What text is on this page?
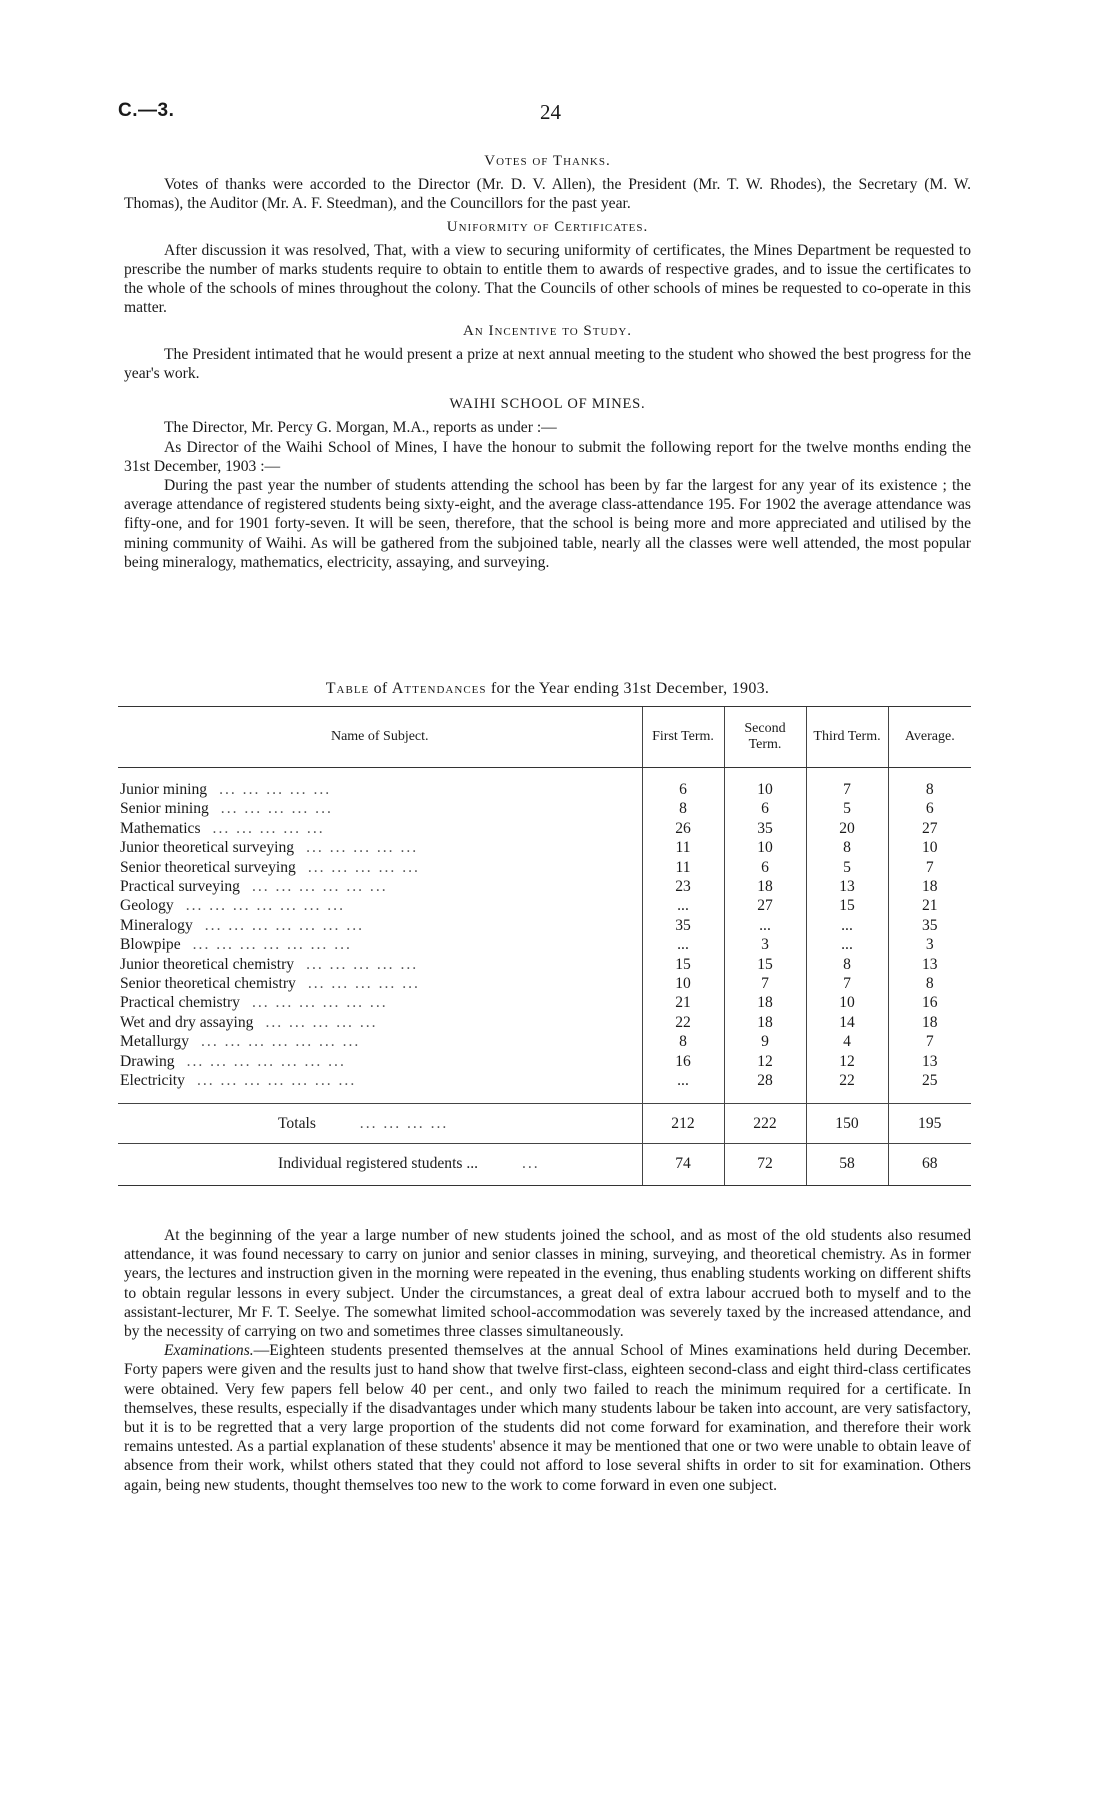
C.—3.	24
Votes of Thanks.

Votes of thanks were accorded to the Director (Mr. D. V. Allen), the President (Mr. T. W. Rhodes), the Secretary (M. W. Thomas), the Auditor (Mr. A. F. Steedman), and the Councillors for the past year.

Uniformity of Certificates.

After discussion it was resolved, That, with a view to securing uniformity of certificates, the Mines Department be requested to prescribe the number of marks students require to obtain to entitle them to awards of respective grades, and to issue the certificates to the whole of the schools of mines throughout the colony. That the Councils of other schools of mines be requested to co-operate in this matter.

An Incentive to Study.

The President intimated that he would present a prize at next annual meeting to the student who showed the best progress for the year's work.

WAIHI SCHOOL OF MINES.

The Director, Mr. Percy G. Morgan, M.A., reports as under :—

As Director of the Waihi School of Mines, I have the honour to submit the following report for the twelve months ending the 31st December, 1903 :—

During the past year the number of students attending the school has been by far the largest for any year of its existence ; the average attendance of registered students being sixty-eight, and the average class-attendance 195. For 1902 the average attendance was fifty-one, and for 1901 forty-seven. It will be seen, therefore, that the school is being more and more appreciated and utilised by the mining community of Waihi. As will be gathered from the subjoined table, nearly all the classes were well attended, the most popular being mineralogy, mathematics, electricity, assaying, and surveying.

Table of Attendances for the Year ending 31st December, 1903.
Name of Subject.	First Term.	Second Term.	Third Term.	Average.

Junior mining ... ... ... ... ...	6	10	7	8
Senior mining ... ... ... ... ...	8	6	5	6
Mathematics ... ... ... ... ...	26	35	20	27
Junior theoretical surveying ... ... ... ... ...	11	10	8	10
Senior theoretical surveying ... ... ... ... ...	11	6	5	7
Practical surveying ... ... ... ... ... ...	23	18	13	18
Geology ... ... ... ... ... ... ...	...	27	15	21
Mineralogy ... ... ... ... ... ... ...	35	...	...	35
Blowpipe ... ... ... ... ... ... ...	...	3	...	3
Junior theoretical chemistry ... ... ... ... ...	15	15	8	13
Senior theoretical chemistry ... ... ... ... ...	10	7	7	8
Practical chemistry ... ... ... ... ... ...	21	18	10	16
Wet and dry assaying ... ... ... ... ...	22	18	14	18
Metallurgy ... ... ... ... ... ... ...	8	9	4	7
Drawing ... ... ... ... ... ... ...	16	12	12	13
Electricity ... ... ... ... ... ... ...	...	28	22	25

Totals ... ... ... ...	212	222	150	195
Individual registered students ... ...	74	72	58	68

At the beginning of the year a large number of new students joined the school, and as most of the old students also resumed attendance, it was found necessary to carry on junior and senior classes in mining, surveying, and theoretical chemistry. As in former years, the lectures and instruction given in the morning were repeated in the evening, thus enabling students working on different shifts to obtain regular lessons in every subject. Under the circumstances, a great deal of extra labour accrued both to myself and to the assistant-lecturer, Mr F. T. Seelye. The somewhat limited school-accommodation was severely taxed by the increased attendance, and by the necessity of carrying on two and sometimes three classes simultaneously.

Examinations.—Eighteen students presented themselves at the annual School of Mines examinations held during December. Forty papers were given and the results just to hand show that twelve first-class, eighteen second-class and eight third-class certificates were obtained. Very few papers fell below 40 per cent., and only two failed to reach the minimum required for a certificate. In themselves, these results, especially if the disadvantages under which many students labour be taken into account, are very satisfactory, but it is to be regretted that a very large proportion of the students did not come forward for examination, and therefore their work remains untested. As a partial explanation of these students' absence it may be mentioned that one or two were unable to obtain leave of absence from their work, whilst others stated that they could not afford to lose several shifts in order to sit for examination. Others again, being new students, thought themselves too new to the work to come forward in even one subject.
